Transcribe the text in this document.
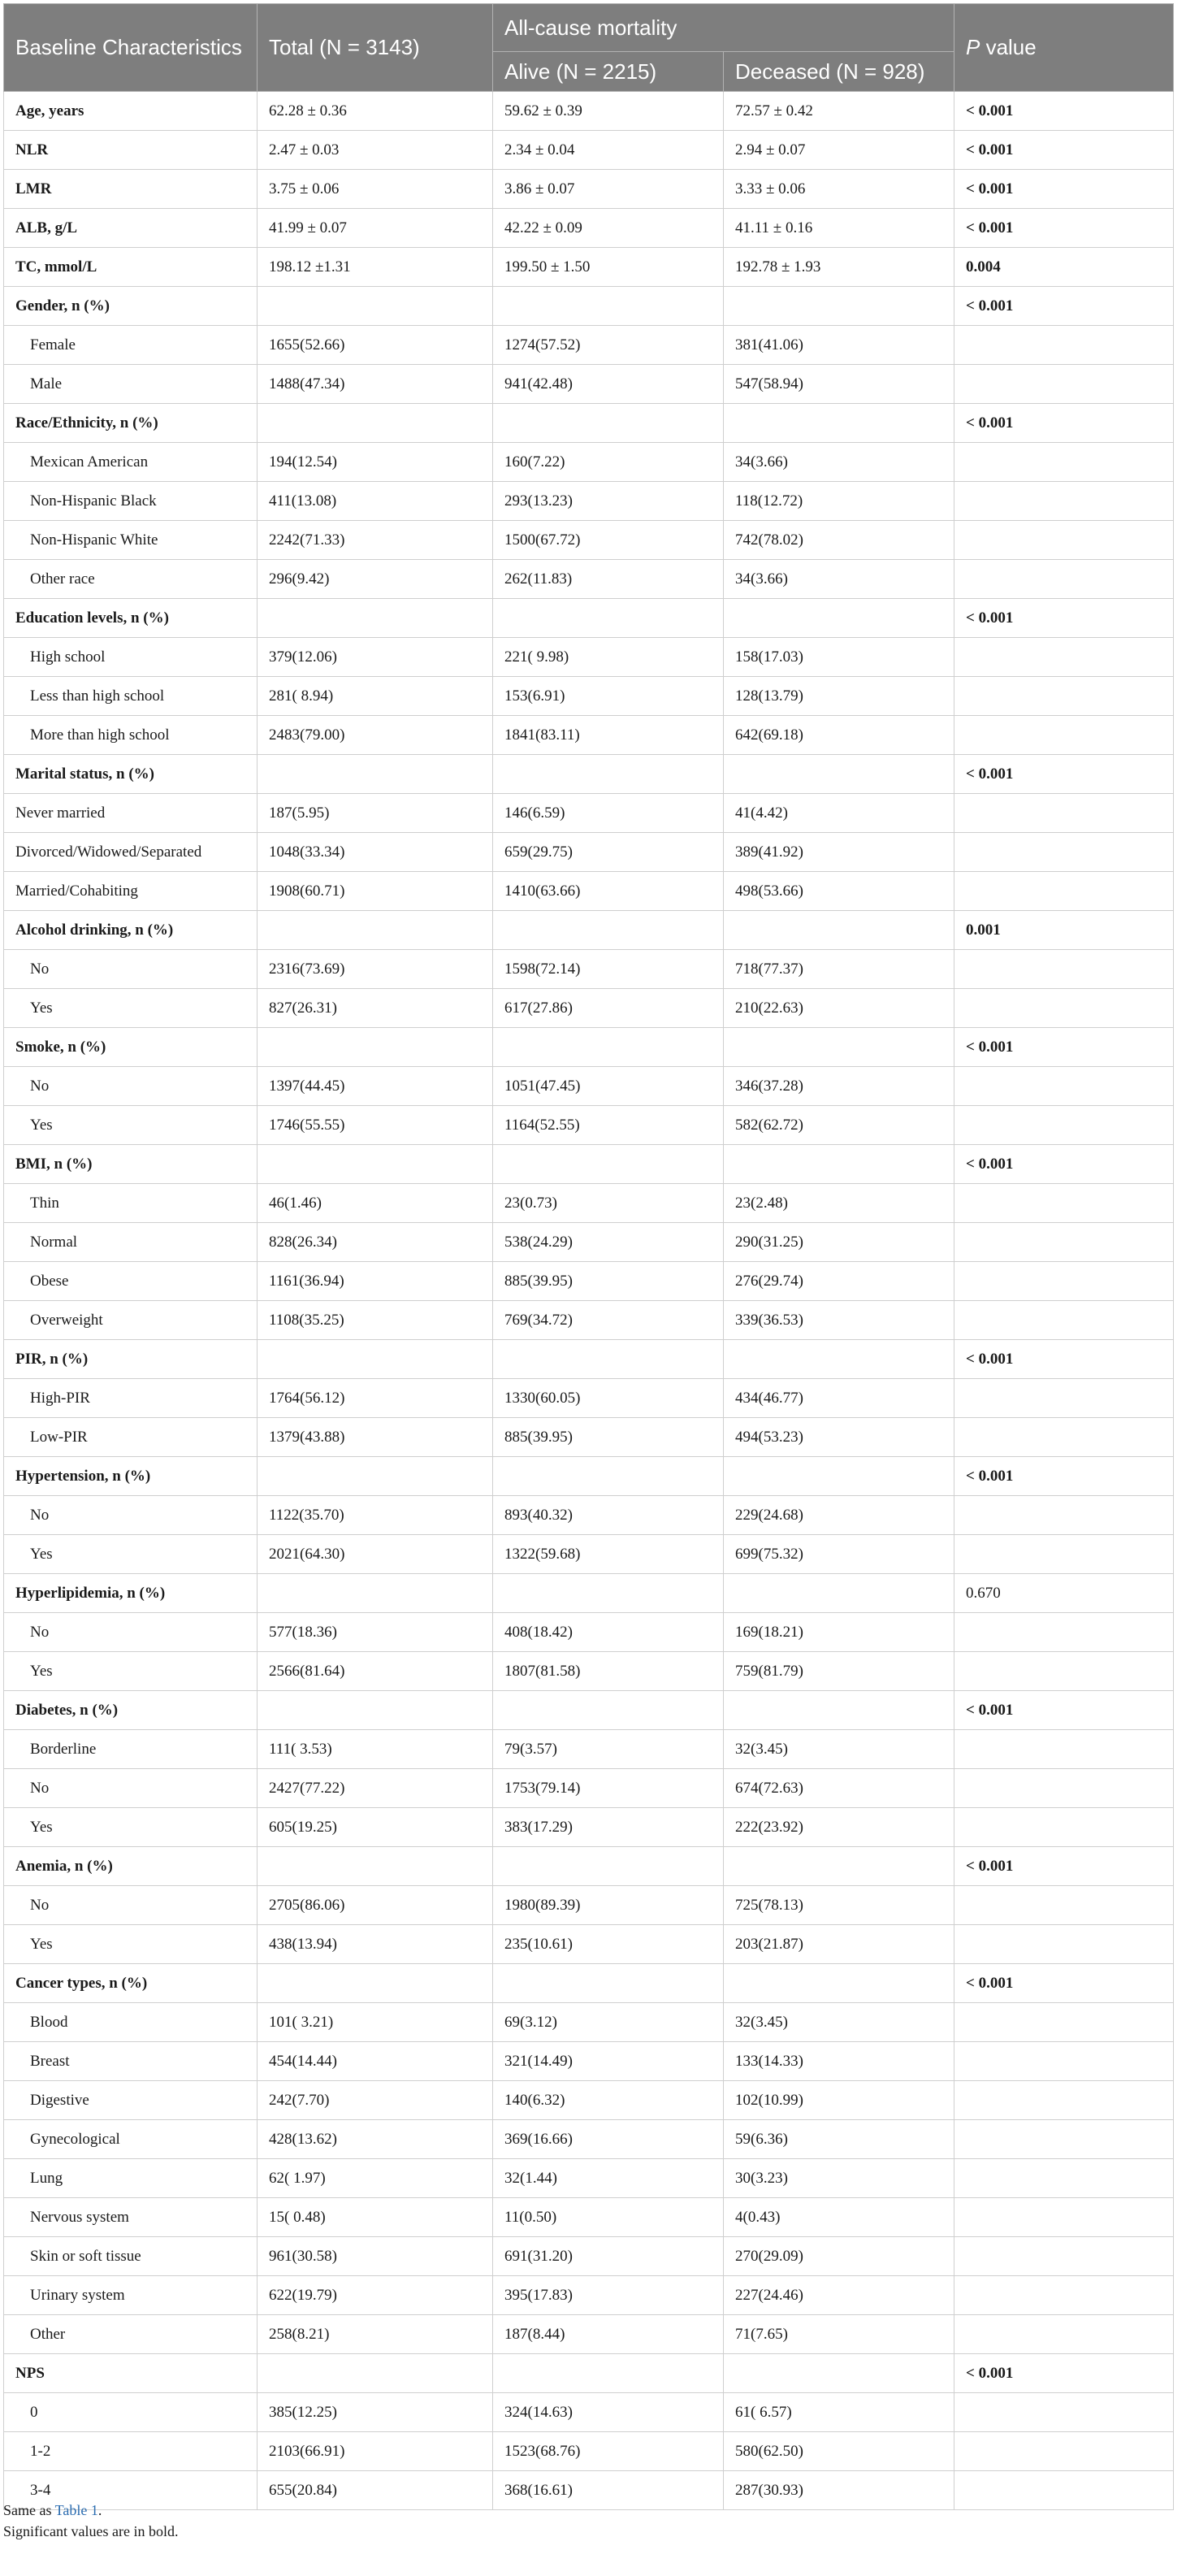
Baseline Characteristics	Total (N = 3143)	All-cause mortality		P value
		Alive (N = 2215)	Deceased (N = 928)	
Age, years	62.28 ± 0.36	59.62 ± 0.39	72.57 ± 0.42	< 0.001
NLR	2.47 ± 0.03	2.34 ± 0.04	2.94 ± 0.07	< 0.001
LMR	3.75 ± 0.06	3.86 ± 0.07	3.33 ± 0.06	< 0.001
ALB, g/L	41.99 ± 0.07	42.22 ± 0.09	41.11 ± 0.16	< 0.001
TC, mmol/L	198.12 ±1.31	199.50 ± 1.50	192.78 ± 1.93	0.004
Gender, n (%)				< 0.001
Female	1655(52.66)	1274(57.52)	381(41.06)	
Male	1488(47.34)	941(42.48)	547(58.94)	
Race/Ethnicity, n (%)				< 0.001
Mexican American	194(12.54)	160(7.22)	34(3.66)	
Non-Hispanic Black	411(13.08)	293(13.23)	118(12.72)	
Non-Hispanic White	2242(71.33)	1500(67.72)	742(78.02)	
Other race	296(9.42)	262(11.83)	34(3.66)	
Education levels, n (%)				< 0.001
High school	379(12.06)	221( 9.98)	158(17.03)	
Less than high school	281( 8.94)	153(6.91)	128(13.79)	
More than high school	2483(79.00)	1841(83.11)	642(69.18)	
Marital status, n (%)				< 0.001
Never married	187(5.95)	146(6.59)	41(4.42)	
Divorced/Widowed/Separated	1048(33.34)	659(29.75)	389(41.92)	
Married/Cohabiting	1908(60.71)	1410(63.66)	498(53.66)	
Alcohol drinking, n (%)				0.001
No	2316(73.69)	1598(72.14)	718(77.37)	
Yes	827(26.31)	617(27.86)	210(22.63)	
Smoke, n (%)				< 0.001
No	1397(44.45)	1051(47.45)	346(37.28)	
Yes	1746(55.55)	1164(52.55)	582(62.72)	
BMI, n (%)				< 0.001
Thin	46(1.46)	23(0.73)	23(2.48)	
Normal	828(26.34)	538(24.29)	290(31.25)	
Obese	1161(36.94)	885(39.95)	276(29.74)	
Overweight	1108(35.25)	769(34.72)	339(36.53)	
PIR, n (%)				< 0.001
High-PIR	1764(56.12)	1330(60.05)	434(46.77)	
Low-PIR	1379(43.88)	885(39.95)	494(53.23)	
Hypertension, n (%)				< 0.001
No	1122(35.70)	893(40.32)	229(24.68)	
Yes	2021(64.30)	1322(59.68)	699(75.32)	
Hyperlipidemia, n (%)				0.670
No	577(18.36)	408(18.42)	169(18.21)	
Yes	2566(81.64)	1807(81.58)	759(81.79)	
Diabetes, n (%)				< 0.001
Borderline	111( 3.53)	79(3.57)	32(3.45)	
No	2427(77.22)	1753(79.14)	674(72.63)	
Yes	605(19.25)	383(17.29)	222(23.92)	
Anemia, n (%)				< 0.001
No	2705(86.06)	1980(89.39)	725(78.13)	
Yes	438(13.94)	235(10.61)	203(21.87)	
Cancer types, n (%)				< 0.001
Blood	101( 3.21)	69(3.12)	32(3.45)	
Breast	454(14.44)	321(14.49)	133(14.33)	
Digestive	242(7.70)	140(6.32)	102(10.99)	
Gynecological	428(13.62)	369(16.66)	59(6.36)	
Lung	62( 1.97)	32(1.44)	30(3.23)	
Nervous system	15( 0.48)	11(0.50)	4(0.43)	
Skin or soft tissue	961(30.58)	691(31.20)	270(29.09)	
Urinary system	622(19.79)	395(17.83)	227(24.46)	
Other	258(8.21)	187(8.44)	71(7.65)	
NPS				< 0.001
0	385(12.25)	324(14.63)	61( 6.57)	
1-2	2103(66.91)	1523(68.76)	580(62.50)	
3-4	655(20.84)	368(16.61)	287(30.93)	
Same as Table 1.
Significant values are in bold.
